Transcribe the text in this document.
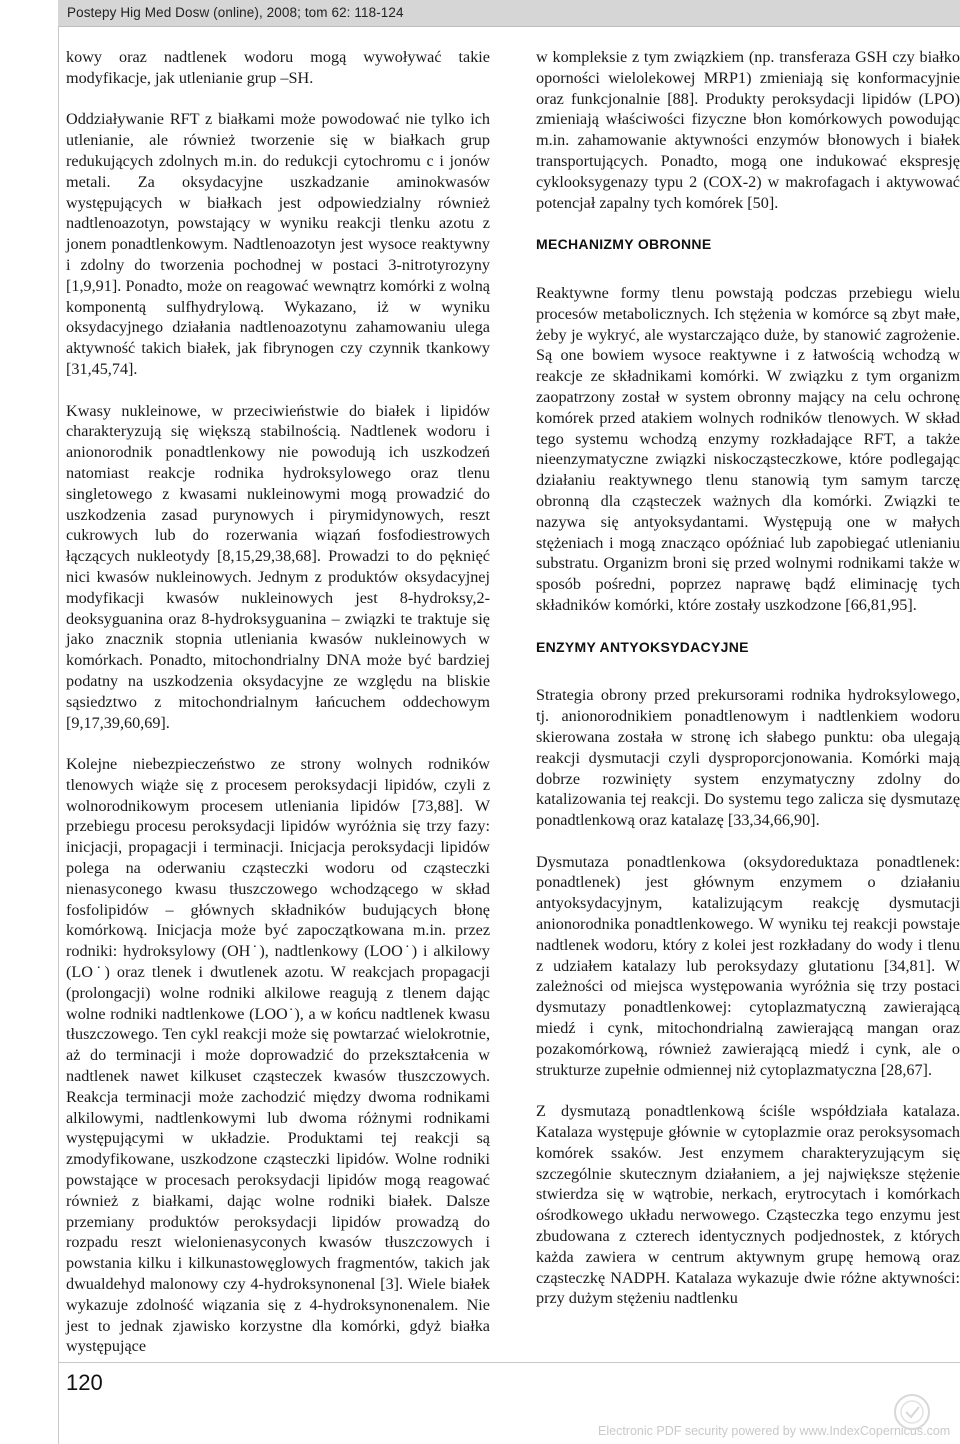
Postepy Hig Med Dosw (online), 2008; tom 62: 118-124

kowy oraz nadtlenek wodoru mogą wywoływać takie modyfikacje, jak utlenianie grup –SH.

Oddziaływanie RFT z białkami może powodować nie tylko ich utlenianie, ale również tworzenie się w białkach grup redukujących zdolnych m.in. do redukcji cytochromu c i jonów metali. Za oksydacyjne uszkadzanie aminokwasów występujących w białkach jest odpowiedzialny również nadtlenoazotyn, powstający w wyniku reakcji tlenku azotu z jonem ponadtlenkowym. Nadtlenoazotyn jest wysoce reaktywny i zdolny do tworzenia pochodnej w postaci 3-nitrotyrozyny [1,9,91]. Ponadto, może on reagować wewnątrz komórki z wolną komponentą sulfhydrylową. Wykazano, iż w wyniku oksydacyjnego działania nadtlenoazotynu zahamowaniu ulega aktywność takich białek, jak fibrynogen czy czynnik tkankowy [31,45,74].

Kwasy nukleinowe, w przeciwieństwie do białek i lipidów charakteryzują się większą stabilnością. Nadtlenek wodoru i anionorodnik ponadtlenkowy nie powodują ich uszkodzeń natomiast reakcje rodnika hydroksylowego oraz tlenu singletowego z kwasami nukleinowymi mogą prowadzić do uszkodzenia zasad purynowych i pirymidynowych, reszt cukrowych lub do rozerwania wiązań fosfodiestrowych łączących nukleotydy [8,15,29,38,68]. Prowadzi to do pęknięć nici kwasów nukleinowych. Jednym z produktów oksydacyjnej modyfikacji kwasów nukleinowych jest 8-hydroksy,2-deoksyguanina oraz 8-hydroksyguanina – związki te traktuje się jako znacznik stopnia utleniania kwasów nukleinowych w komórkach. Ponadto, mitochondrialny DNA może być bardziej podatny na uszkodzenia oksydacyjne ze względu na bliskie sąsiedztwo z mitochondrialnym łańcuchem oddechowym [9,17,39,60,69].

Kolejne niebezpieczeństwo ze strony wolnych rodników tlenowych wiąże się z procesem peroksydacji lipidów, czyli z wolnorodnikowym procesem utleniania lipidów [73,88]. W przebiegu procesu peroksydacji lipidów wyróżnia się trzy fazy: inicjacji, propagacji i terminacji. Inicjacja peroksydacji lipidów polega na oderwaniu cząsteczki wodoru od cząsteczki nienasyconego kwasu tłuszczowego wchodzącego w skład fosfolipidów – głównych składników budujących błonę komórkową. Inicjacja może być zapoczątkowana m.in. przez rodniki: hydroksylowy (OH˙), nadtlenkowy (LOO˙) i alkilowy (LO˙) oraz tlenek i dwutlenek azotu. W reakcjach propagacji (prolongacji) wolne rodniki alkilowe reagują z tlenem dając wolne rodniki nadtlenkowe (LOO˙), a w końcu nadtlenek kwasu tłuszczowego. Ten cykl reakcji może się powtarzać wielokrotnie, aż do terminacji i może doprowadzić do przekształcenia w nadtlenek nawet kilkuset cząsteczek kwasów tłuszczowych. Reakcja terminacji może zachodzić między dwoma rodnikami alkilowymi, nadtlenkowymi lub dwoma różnymi rodnikami występującymi w układzie. Produktami tej reakcji są zmodyfikowane, uszkodzone cząsteczki lipidów. Wolne rodniki powstające w procesach peroksydacji lipidów mogą reagować również z białkami, dając wolne rodniki białek. Dalsze przemiany produktów peroksydacji lipidów prowadzą do rozpadu reszt wielonienasyconych kwasów tłuszczowych i powstania kilku i kilkunastowęglowych fragmentów, takich jak dwualdehyd malonowy czy 4-hydroksynonenal [3]. Wiele białek wykazuje zdolność wiązania się z 4-hydroksynonenalem. Nie jest to jednak zjawisko korzystne dla komórki, gdyż białka występujące

w kompleksie z tym związkiem (np. transferaza GSH czy białko oporności wielolekowej MRP1) zmieniają się konformacyjnie oraz funkcjonalnie [88]. Produkty peroksydacji lipidów (LPO) zmieniają właściwości fizyczne błon komórkowych powodując m.in. zahamowanie aktywności enzymów błonowych i białek transportujących. Ponadto, mogą one indukować ekspresję cyklooksygenazy typu 2 (COX-2) w makrofagach i aktywować potencjał zapalny tych komórek [50].

MECHANIZMY OBRONNE

Reaktywne formy tlenu powstają podczas przebiegu wielu procesów metabolicznych. Ich stężenia w komórce są zbyt małe, żeby je wykryć, ale wystarczająco duże, by stanowić zagrożenie. Są one bowiem wysoce reaktywne i z łatwością wchodzą w reakcje ze składnikami komórki. W związku z tym organizm zaopatrzony został w system obronny mający na celu ochronę komórek przed atakiem wolnych rodników tlenowych. W skład tego systemu wchodzą enzymy rozkładające RFT, a także nieenzymatyczne związki niskocząsteczkowe, które podlegając działaniu reaktywnego tlenu stanowią tym samym tarczę obronną dla cząsteczek ważnych dla komórki. Związki te nazywa się antyoksydantami. Występują one w małych stężeniach i mogą znacząco opóźniać lub zapobiegać utlenianiu substratu. Organizm broni się przed wolnymi rodnikami także w sposób pośredni, poprzez naprawę bądź eliminację tych składników komórki, które zostały uszkodzone [66,81,95].

ENZYMY ANTYOKSYDACYJNE

Strategia obrony przed prekursorami rodnika hydroksylowego, tj. anionorodnikiem ponadtlenowym i nadtlenkiem wodoru skierowana została w stronę ich słabego punktu: oba ulegają reakcji dysmutacji czyli dysproporcjonowania. Komórki mają dobrze rozwinięty system enzymatyczny zdolny do katalizowania tej reakcji. Do systemu tego zalicza się dysmutazę ponadtlenkową oraz katalazę [33,34,66,90].

Dysmutaza ponadtlenkowa (oksydoreduktaza ponadtlenek: ponadtlenek) jest głównym enzymem o działaniu antyoksydacyjnym, katalizującym reakcję dysmutacji anionorodnika ponadtlenkowego. W wyniku tej reakcji powstaje nadtlenek wodoru, który z kolei jest rozkładany do wody i tlenu z udziałem katalazy lub peroksydazy glutationu [34,81]. W zależności od miejsca występowania wyróżnia się trzy postaci dysmutazy ponadtlenkowej: cytoplazmatyczną zawierającą miedź i cynk, mitochondrialną zawierającą mangan oraz pozakomórkową, również zawierającą miedź i cynk, ale o strukturze zupełnie odmiennej niż cytoplazmatyczna [28,67].

Z dysmutazą ponadtlenkową ściśle współdziała katalaza. Katalaza występuje głównie w cytoplazmie oraz peroksysomach komórek ssaków. Jest enzymem charakteryzującym się szczególnie skutecznym działaniem, a jej największe stężenie stwierdza się w wątrobie, nerkach, erytrocytach i komórkach ośrodkowego układu nerwowego. Cząsteczka tego enzymu jest zbudowana z czterech identycznych podjednostek, z których każda zawiera w centrum aktywnym grupę hemową oraz cząsteczkę NADPH. Katalaza wykazuje dwie różne aktywności: przy dużym stężeniu nadtlenku

120
Electronic PDF security powered by www.IndexCopernicus.com
